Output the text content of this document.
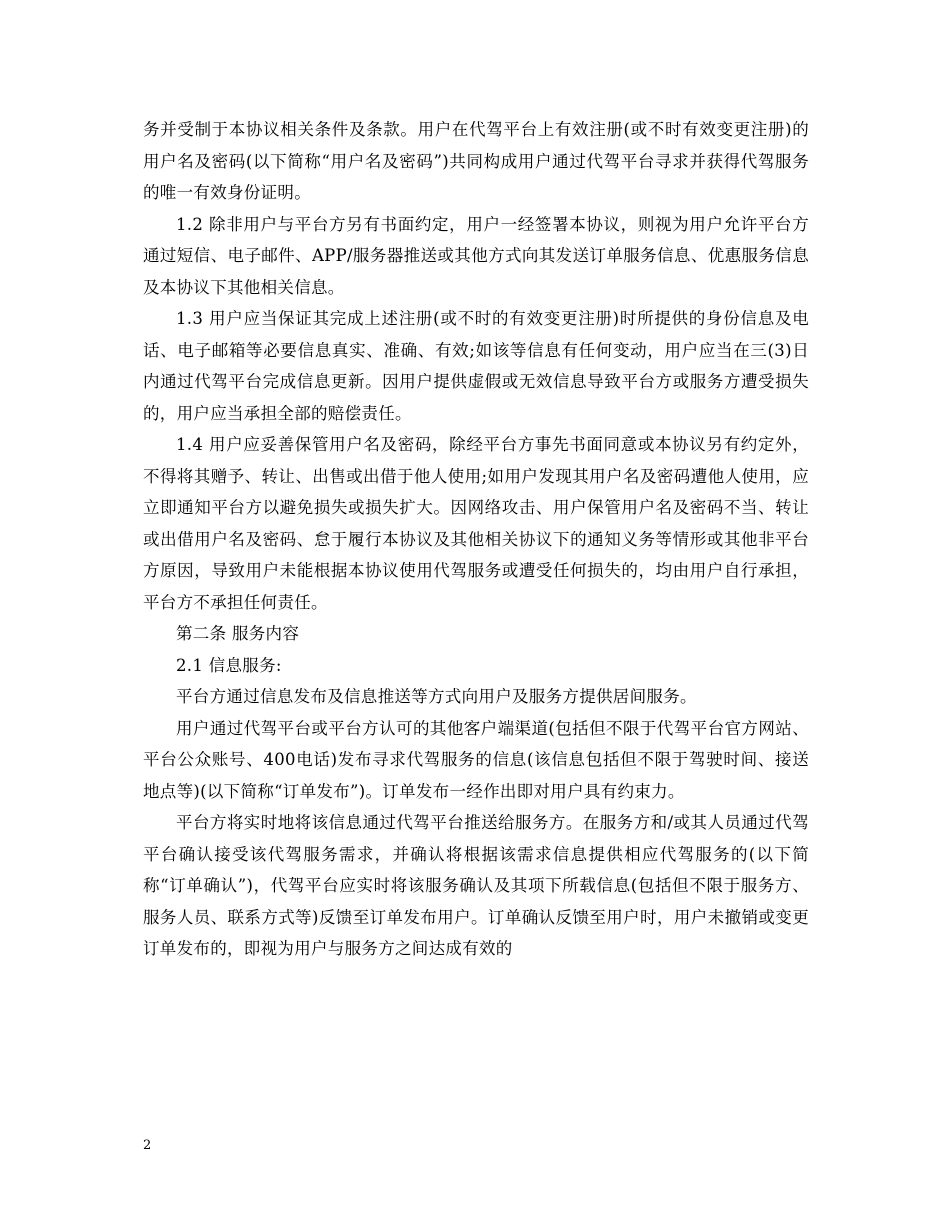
务并受制于本协议相关条件及条款。用户在代驾平台上有效注册(或不时有效变更注册)的用户名及密码(以下简称“用户名及密码”)共同构成用户通过代驾平台寻求并获得代驾服务的唯一有效身份证明。

1.2 除非用户与平台方另有书面约定，用户一经签署本协议，则视为用户允许平台方通过短信、电子邮件、APP/服务器推送或其他方式向其发送订单服务信息、优惠服务信息及本协议下其他相关信息。

1.3 用户应当保证其完成上述注册(或不时的有效变更注册)时所提供的身份信息及电话、电子邮箱等必要信息真实、准确、有效;如该等信息有任何变动，用户应当在三(3)日内通过代驾平台完成信息更新。因用户提供虚假或无效信息导致平台方或服务方遭受损失的，用户应当承担全部的赔偿责任。

1.4 用户应妥善保管用户名及密码，除经平台方事先书面同意或本协议另有约定外，不得将其赠予、转让、出售或出借于他人使用;如用户发现其用户名及密码遭他人使用，应立即通知平台方以避免损失或损失扩大。因网络攻击、用户保管用户名及密码不当、转让或出借用户名及密码、怠于履行本协议及其他相关协议下的通知义务等情形或其他非平台方原因，导致用户未能根据本协议使用代驾服务或遭受任何损失的，均由用户自行承担，平台方不承担任何责任。

第二条 服务内容

2.1 信息服务:

平台方通过信息发布及信息推送等方式向用户及服务方提供居间服务。

用户通过代驾平台或平台方认可的其他客户端渠道(包括但不限于代驾平台官方网站、平台公众账号、400电话)发布寻求代驾服务的信息(该信息包括但不限于驾驶时间、接送地点等)(以下简称“订单发布”)。订单发布一经作出即对用户具有约束力。

平台方将实时地将该信息通过代驾平台推送给服务方。在服务方和/或其人员通过代驾平台确认接受该代驾服务需求，并确认将根据该需求信息提供相应代驾服务的(以下简称“订单确认”)，代驾平台应实时将该服务确认及其项下所载信息(包括但不限于服务方、服务人员、联系方式等)反馈至订单发布用户。订单确认反馈至用户时，用户未撤销或变更订单发布的，即视为用户与服务方之间达成有效的

2
